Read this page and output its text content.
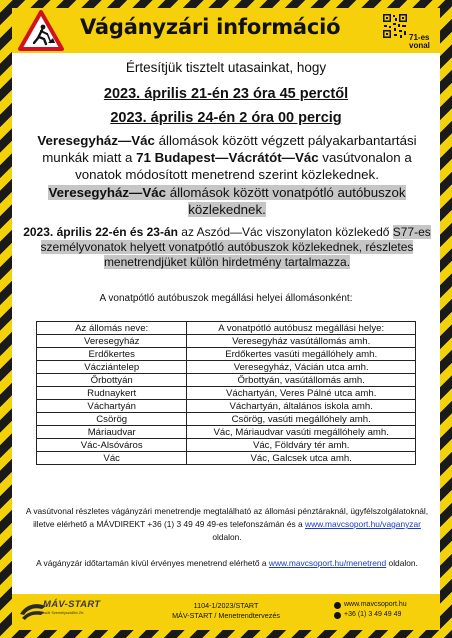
Vágányzári információ	71-es vonal
Értesítjük tisztelt utasainkat, hogy
2023. április 21-én 23 óra 45 perctől
2023. április 24-én 2 óra 00 percig
Veresegyház—Vác állomások között végzett pályakarbantartási munkák miatt a 71 Budapest—Vácrátót—Vác vasútvonalon a vonatok módosított menetrend szerint közlekednek.
Veresegyház—Vác állomások között vonatpótló autóbuszok közlekednek.
2023. április 22-én és 23-án az Aszód—Vác viszonylaton közlekedő S77-es személyvonatok helyett vonatpótló autóbuszok közlekednek, részletes menetrendjüket külön hirdetmény tartalmazza.
A vonatpótló autóbuszok megállási helyei állomásonként:
Az állomás neve:	A vonatpótló autóbusz megállási helye:
Veresegyház	Veresegyház vasútállomás amh.
Erdőkertes	Erdőkertes vasúti megállóhely amh.
Vácziántelep	Veresegyház, Vácián utca amh.
Őrbottyán	Őrbottyán, vasútállomás amh.
Rudnaykert	Váchartyán, Veres Pálné utca amh.
Váchartyán	Váchartyán, általános iskola amh.
Csörög	Csörög, vasúti megállóhely amh.
Máriaudvar	Vác, Máriaudvar vasúti megállóhely amh.
Vác-Alsóváros	Vác, Földváry tér amh.
Vác	Vác, Galcsek utca amh.
A vasútvonal részletes vágányzári menetrendje megtalálható az állomási pénztáraknál, ügyfélszolgálatoknál, illetve elérhető a MÁVDIREKT +36 (1) 3 49 49 49-es telefonszámán és a www.mavcsoport.hu/vaganyzar oldalon.
A vágányzár időtartamán kívül érvényes menetrend elérhető a www.mavcsoport.hu/menetrend oldalon.
MÁV-START
Vasúti Személyszállító Zrt.
1104-1/2023/START
MÁV-START / Menetrendtervezés
www.mavcsoport.hu
+36 (1) 3 49 49 49
